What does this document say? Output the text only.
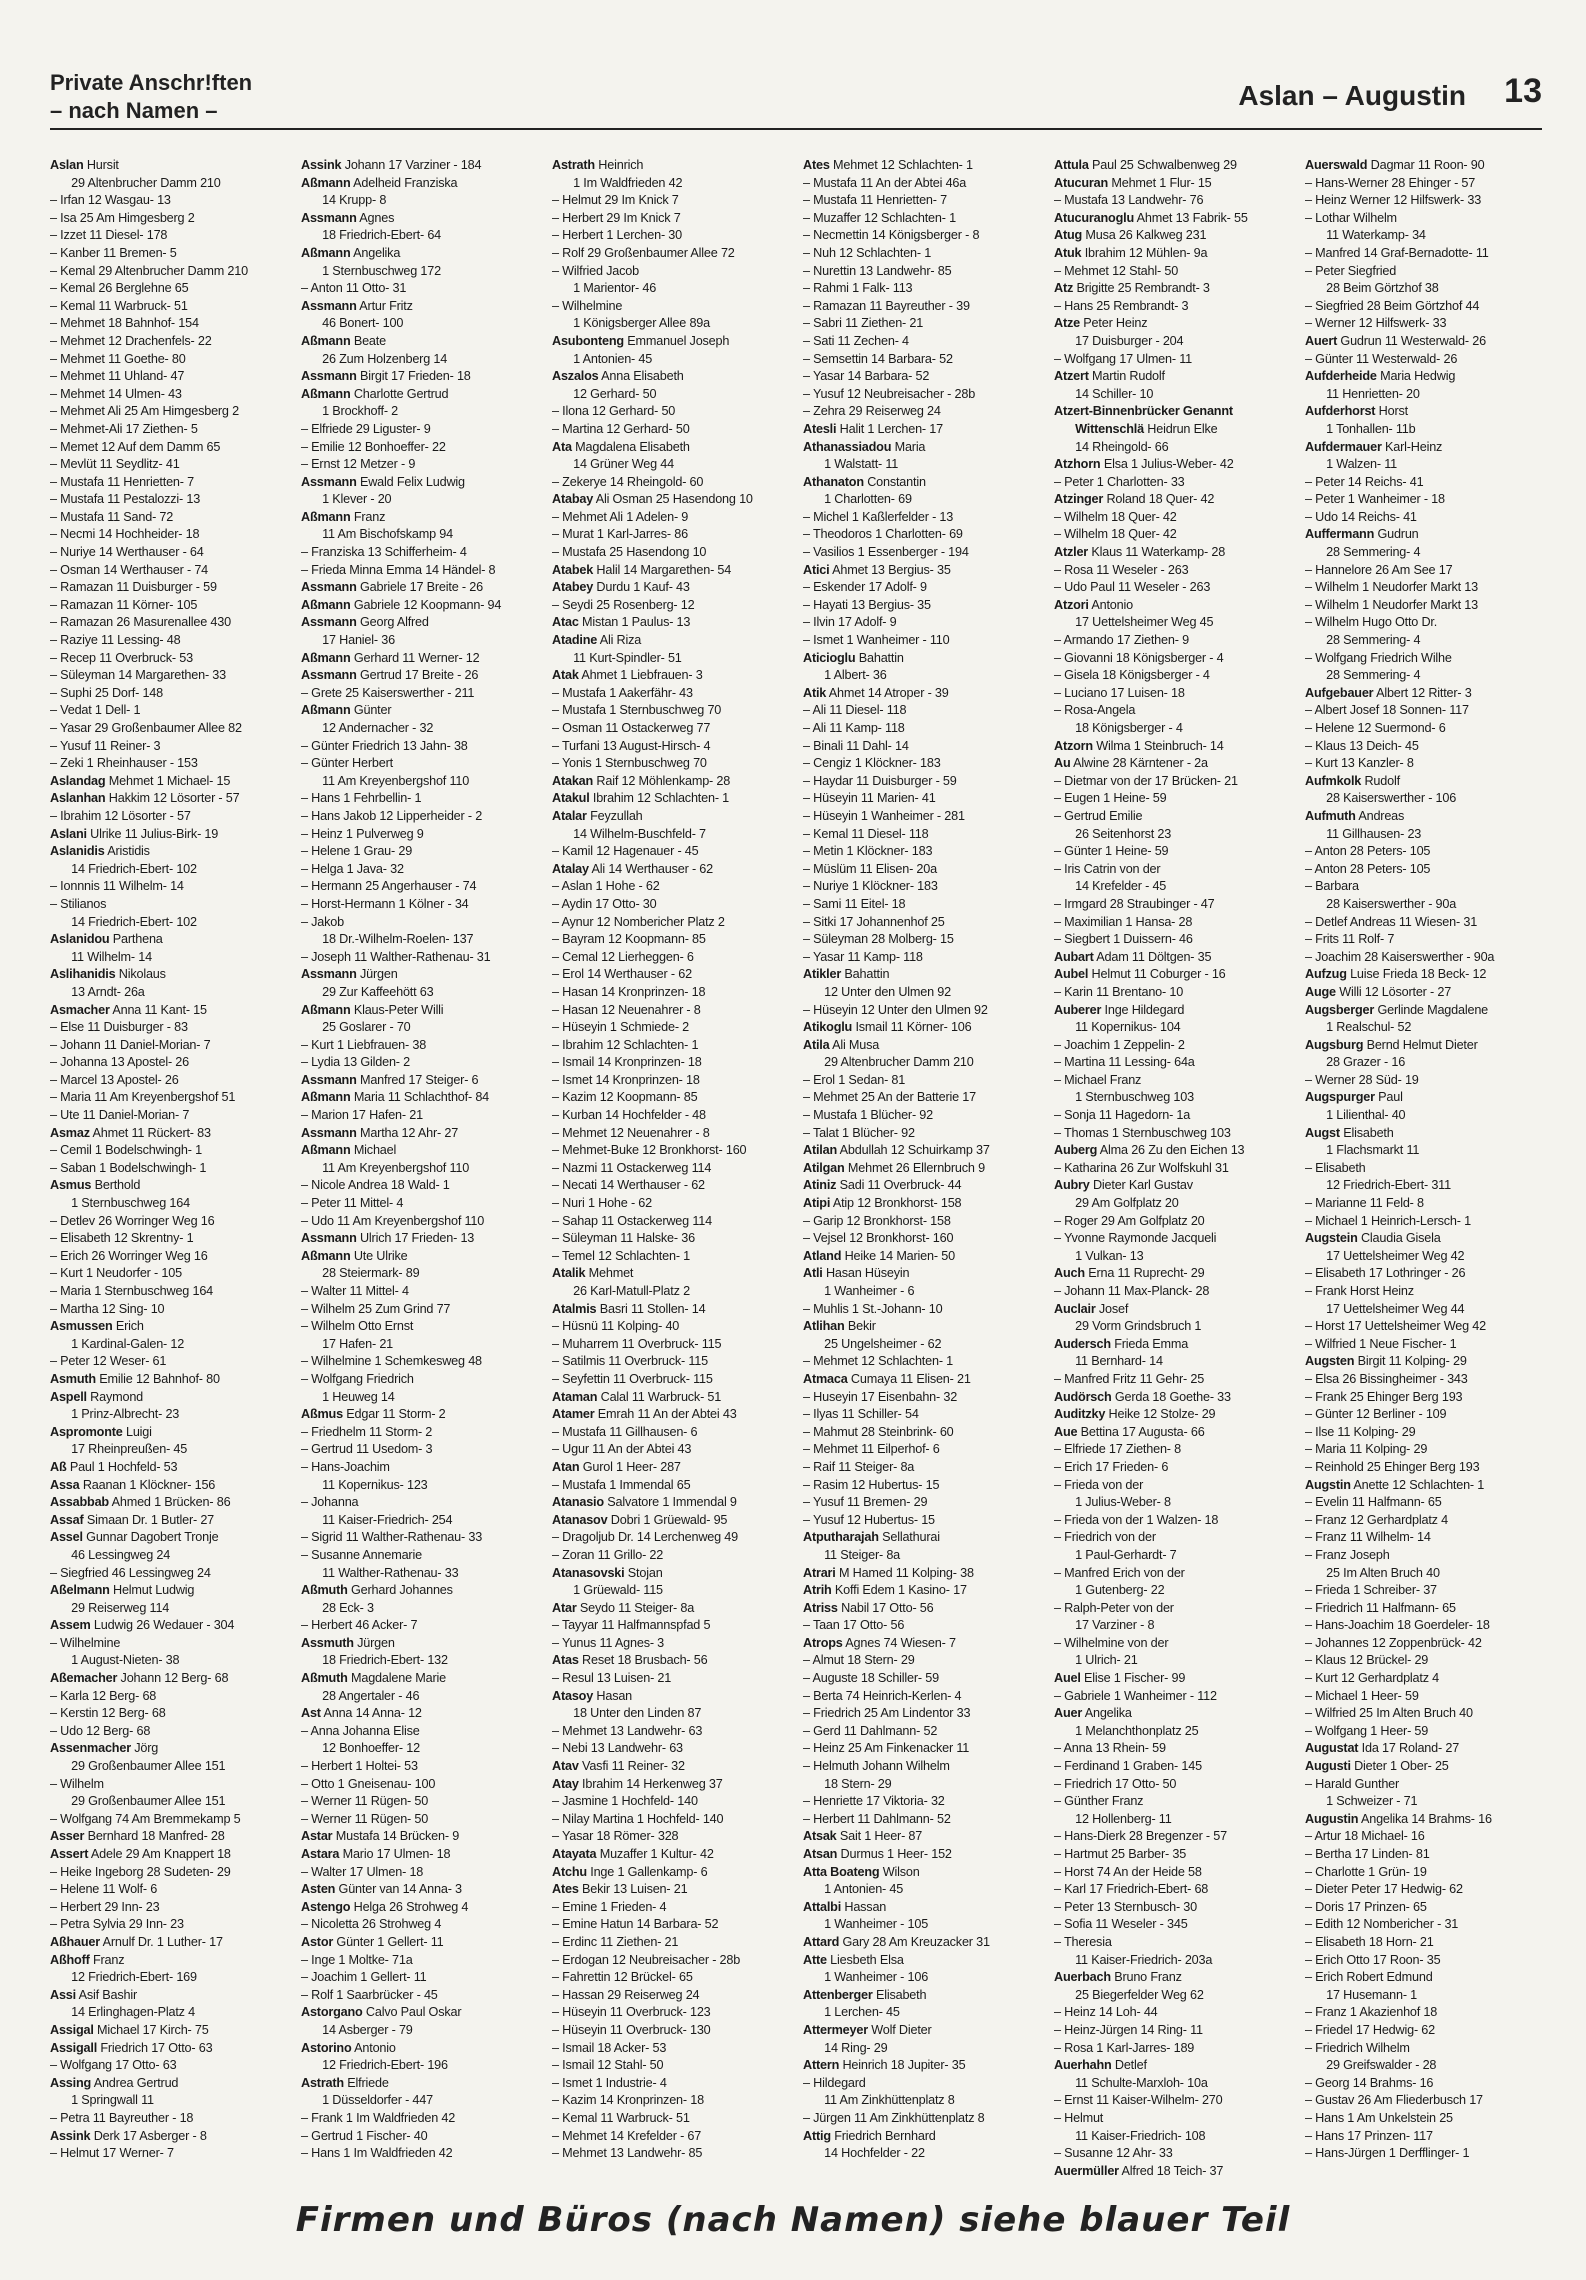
Private Anschr!ften
– nach Namen –	Aslan – Augustin 13
Aslan Hursit
29 Altenbrucher Damm 210
– Irfan 12 Wasgau- 13
– Isa 25 Am Himgesberg 2
– Izzet 11 Diesel- 178
– Kanber 11 Bremen- 5
– Kemal 29 Altenbrucher Damm 210
– Kemal 26 Berglehne 65
– Kemal 11 Warbruck- 51
– Mehmet 18 Bahnhof- 154
– Mehmet 12 Drachenfels- 22
– Mehmet 11 Goethe- 80
– Mehmet 11 Uhland- 47
– Mehmet 14 Ulmen- 43
– Mehmet Ali 25 Am Himgesberg 2
– Mehmet-Ali 17 Ziethen- 5
– Memet 12 Auf dem Damm 65
– Mevlüt 11 Seydlitz- 41
– Mustafa 11 Henrietten- 7
– Mustafa 11 Pestalozzi- 13
– Mustafa 11 Sand- 72
– Necmi 14 Hochheider- 18
– Nuriye 14 Werthauser - 64
– Osman 14 Werthauser - 74
– Ramazan 11 Duisburger - 59
– Ramazan 11 Körner- 105
– Ramazan 26 Masurenallee 430
– Raziye 11 Lessing- 48
– Recep 11 Overbruck- 53
– Süleyman 14 Margarethen- 33
– Suphi 25 Dorf- 148
– Vedat 1 Dell- 1
– Yasar 29 Großenbaumer Allee 82
– Yusuf 11 Reiner- 3
– Zeki 1 Rheinhauser - 153
Aslandag Mehmet 1 Michael- 15
Aslanhan Hakkim 12 Lösorter - 57
– Ibrahim 12 Lösorter - 57
Aslani Ulrike 11 Julius-Birk- 19
Aslanidis Aristidis
14 Friedrich-Ebert- 102
– Ionnnis 11 Wilhelm- 14
– Stilianos
14 Friedrich-Ebert- 102
Aslanidou Parthena
11 Wilhelm- 14
Aslihanidis Nikolaus
13 Arndt- 26a
Asmacher Anna 11 Kant- 15
– Else 11 Duisburger - 83
– Johann 11 Daniel-Morian- 7
– Johanna 13 Apostel- 26
– Marcel 13 Apostel- 26
– Maria 11 Am Kreyenbergshof 51
– Ute 11 Daniel-Morian- 7
Asmaz Ahmet 11 Rückert- 83
– Cemil 1 Bodelschwingh- 1
– Saban 1 Bodelschwingh- 1
Asmus Berthold
1 Sternbuschweg 164
– Detlev 26 Worringer Weg 16
– Elisabeth 12 Skrentny- 1
– Erich 26 Worringer Weg 16
– Kurt 1 Neudorfer - 105
– Maria 1 Sternbuschweg 164
– Martha 12 Sing- 10
Asmussen Erich
1 Kardinal-Galen- 12
– Peter 12 Weser- 61
Asmuth Emilie 12 Bahnhof- 80
Aspell Raymond
1 Prinz-Albrecht- 23
Aspromonte Luigi
17 Rheinpreußen- 45
Aß Paul 1 Hochfeld- 53
Assa Raanan 1 Klöckner- 156
Assabbab Ahmed 1 Brücken- 86
Assaf Simaan Dr. 1 Butler- 27
Assel Gunnar Dagobert Tronje
46 Lessingweg 24
– Siegfried 46 Lessingweg 24
Aßelmann Helmut Ludwig
29 Reiserweg 114
Assem Ludwig 26 Wedauer - 304
– Wilhelmine
1 August-Nieten- 38
Aßemacher Johann 12 Berg- 68
– Karla 12 Berg- 68
– Kerstin 12 Berg- 68
– Udo 12 Berg- 68
Assenmacher Jörg
29 Großenbaumer Allee 151
– Wilhelm
29 Großenbaumer Allee 151
– Wolfgang 74 Am Bremmekamp 5
Asser Bernhard 18 Manfred- 28
Assert Adele 29 Am Knappert 18
– Heike Ingeborg 28 Sudeten- 29
– Helene 11 Wolf- 6
– Herbert 29 Inn- 23
– Petra Sylvia 29 Inn- 23
Aßhauer Arnulf Dr. 1 Luther- 17
Aßhoff Franz
12 Friedrich-Ebert- 169
Assi Asif Bashir
14 Erlinghagen-Platz 4
Assigal Michael 17 Kirch- 75
Assigall Friedrich 17 Otto- 63
– Wolfgang 17 Otto- 63
Assing Andrea Gertrud
1 Springwall 11
– Petra 11 Bayreuther - 18
Assink Derk 17 Asberger - 8
– Helmut 17 Werner- 7
Assink Johann 17 Varziner - 184
Aßmann Adelheid Franziska
14 Krupp- 8
Assmann Agnes
18 Friedrich-Ebert- 64
Aßmann Angelika
1 Sternbuschweg 172
– Anton 11 Otto- 31
Assmann Artur Fritz
46 Bonert- 100
Aßmann Beate
26 Zum Holzenberg 14
Assmann Birgit 17 Frieden- 18
Aßmann Charlotte Gertrud
1 Brockhoff- 2
– Elfriede 29 Liguster- 9
– Emilie 12 Bonhoeffer- 22
– Ernst 12 Metzer - 9
Assmann Ewald Felix Ludwig
1 Klever - 20
Aßmann Franz
11 Am Bischofskamp 94
– Franziska 13 Schifferheim- 4
– Frieda Minna Emma 14 Händel- 8
Assmann Gabriele 17 Breite - 26
Aßmann Gabriele 12 Koopmann- 94
Assmann Georg Alfred
17 Haniel- 36
Aßmann Gerhard 11 Werner- 12
Assmann Gertrud 17 Breite - 26
– Grete 25 Kaiserswerther - 211
Aßmann Günter
12 Andernacher - 32
– Günter Friedrich 13 Jahn- 38
– Günter Herbert
11 Am Kreyenbergshof 110
– Hans 1 Fehrbellin- 1
– Hans Jakob 12 Lipperheider - 2
– Heinz 1 Pulverweg 9
– Helene 1 Grau- 29
– Helga 1 Java- 32
– Hermann 25 Angerhauser - 74
– Horst-Hermann 1 Kölner - 34
– Jakob
18 Dr.-Wilhelm-Roelen- 137
– Joseph 11 Walther-Rathenau- 31
Assmann Jürgen
29 Zur Kaffeehött 63
Aßmann Klaus-Peter Willi
25 Goslarer - 70
– Kurt 1 Liebfrauen- 38
– Lydia 13 Gilden- 2
Assmann Manfred 17 Steiger- 6
Aßmann Maria 11 Schlachthof- 84
– Marion 17 Hafen- 21
Assmann Martha 12 Ahr- 27
Aßmann Michael
11 Am Kreyenbergshof 110
– Nicole Andrea 18 Wald- 1
– Peter 11 Mittel- 4
– Udo 11 Am Kreyenbergshof 110
Assmann Ulrich 17 Frieden- 13
Aßmann Ute Ulrike
28 Steiermark- 89
– Walter 11 Mittel- 4
– Wilhelm 25 Zum Grind 77
– Wilhelm Otto Ernst
17 Hafen- 21
– Wilhelmine 1 Schemkesweg 48
– Wolfgang Friedrich
1 Heuweg 14
Aßmus Edgar 11 Storm- 2
– Friedhelm 11 Storm- 2
– Gertrud 11 Usedom- 3
– Hans-Joachim
11 Kopernikus- 123
– Johanna
11 Kaiser-Friedrich- 254
– Sigrid 11 Walther-Rathenau- 33
– Susanne Annemarie
11 Walther-Rathenau- 33
Aßmuth Gerhard Johannes
28 Eck- 3
– Herbert 46 Acker- 7
Assmuth Jürgen
18 Friedrich-Ebert- 132
Aßmuth Magdalene Marie
28 Angertaler - 46
Ast Anna 14 Anna- 12
– Anna Johanna Elise
12 Bonhoeffer- 12
– Herbert 1 Holtei- 53
– Otto 1 Gneisenau- 100
– Werner 11 Rügen- 50
– Werner 11 Rügen- 50
Astar Mustafa 14 Brücken- 9
Astara Mario 17 Ulmen- 18
– Walter 17 Ulmen- 18
Asten Günter van 14 Anna- 3
Astengo Helga 26 Strohweg 4
– Nicoletta 26 Strohweg 4
Astor Günter 1 Gellert- 11
– Inge 1 Moltke- 71a
– Joachim 1 Gellert- 11
– Rolf 1 Saarbrücker - 45
Astorgano Calvo Paul Oskar
14 Asberger - 79
Astorino Antonio
12 Friedrich-Ebert- 196
Astrath Elfriede
1 Düsseldorfer - 447
– Frank 1 Im Waldfrieden 42
– Gertrud 1 Fischer- 40
– Hans 1 Im Waldfrieden 42
Astrath Heinrich
1 Im Waldfrieden 42
– Helmut 29 Im Knick 7
– Herbert 29 Im Knick 7
– Herbert 1 Lerchen- 30
– Rolf 29 Großenbaumer Allee 72
– Wilfried Jacob
1 Marientor- 46
– Wilhelmine
1 Königsberger Allee 89a
Asubonteng Emmanuel Joseph
1 Antonien- 45
Aszalos Anna Elisabeth
12 Gerhard- 50
– Ilona 12 Gerhard- 50
– Martina 12 Gerhard- 50
Ata Magdalena Elisabeth
14 Grüner Weg 44
– Zekerye 14 Rheingold- 60
Atabay Ali Osman 25 Hasendong 10
– Mehmet Ali 1 Adelen- 9
– Murat 1 Karl-Jarres- 86
– Mustafa 25 Hasendong 10
Atabek Halil 14 Margarethen- 54
Atabey Durdu 1 Kauf- 43
– Seydi 25 Rosenberg- 12
Atac Mistan 1 Paulus- 13
Atadine Ali Riza
11 Kurt-Spindler- 51
Atak Ahmet 1 Liebfrauen- 3
– Mustafa 1 Aakerfähr- 43
– Mustafa 1 Sternbuschweg 70
– Osman 11 Ostackerweg 77
– Turfani 13 August-Hirsch- 4
– Yonis 1 Sternbuschweg 70
Atakan Raif 12 Möhlenkamp- 28
Atakul Ibrahim 12 Schlachten- 1
Atalar Feyzullah
14 Wilhelm-Buschfeld- 7
– Kamil 12 Hagenauer - 45
Atalay Ali 14 Werthauser - 62
– Aslan 1 Hohe - 62
– Aydin 17 Otto- 30
– Aynur 12 Nombericher Platz 2
– Bayram 12 Koopmann- 85
– Cemal 12 Lierheggen- 6
– Erol 14 Werthauser - 62
– Hasan 14 Kronprinzen- 18
– Hasan 12 Neuenahrer - 8
– Hüseyin 1 Schmiede- 2
– Ibrahim 12 Schlachten- 1
– Ismail 14 Kronprinzen- 18
– Ismet 14 Kronprinzen- 18
– Kazim 12 Koopmann- 85
– Kurban 14 Hochfelder - 48
– Mehmet 12 Neuenahrer - 8
– Mehmet-Buke 12 Bronkhorst- 160
– Nazmi 11 Ostackerweg 114
– Necati 14 Werthauser - 62
– Nuri 1 Hohe - 62
– Sahap 11 Ostackerweg 114
– Süleyman 11 Halske- 36
– Temel 12 Schlachten- 1
Atalik Mehmet
26 Karl-Matull-Platz 2
Atalmis Basri 11 Stollen- 14
– Hüsnü 11 Kolping- 40
– Muharrem 11 Overbruck- 115
– Satilmis 11 Overbruck- 115
– Seyfettin 11 Overbruck- 115
Ataman Calal 11 Warbruck- 51
Atamer Emrah 11 An der Abtei 43
– Mustafa 11 Gillhausen- 6
– Ugur 11 An der Abtei 43
Atan Gurol 1 Heer- 287
– Mustafa 1 Immendal 65
Atanasio Salvatore 1 Immendal 9
Atanasov Dobri 1 Grüewald- 95
– Dragoljub Dr. 14 Lerchenweg 49
– Zoran 11 Grillo- 22
Atanasovski Stojan
1 Grüewald- 115
Atar Seydo 11 Steiger- 8a
– Tayyar 11 Halfmannspfad 5
– Yunus 11 Agnes- 3
Atas Reset 18 Brusbach- 56
– Resul 13 Luisen- 21
Atasoy Hasan
18 Unter den Linden 87
– Mehmet 13 Landwehr- 63
– Nebi 13 Landwehr- 63
Atav Vasfi 11 Reiner- 32
Atay Ibrahim 14 Herkenweg 37
– Jasmine 1 Hochfeld- 140
– Nilay Martina 1 Hochfeld- 140
– Yasar 18 Römer- 328
Atayata Muzaffer 1 Kultur- 42
Atchu Inge 1 Gallenkamp- 6
Ates Bekir 13 Luisen- 21
– Emine 1 Frieden- 4
– Emine Hatun 14 Barbara- 52
– Erdinc 11 Ziethen- 21
– Erdogan 12 Neubreisacher - 28b
– Fahrettin 12 Brückel- 65
– Hassan 29 Reiserweg 24
– Hüseyin 11 Overbruck- 123
– Hüseyin 11 Overbruck- 130
– Ismail 18 Acker- 53
– Ismail 12 Stahl- 50
– Ismet 1 Industrie- 4
– Kazim 14 Kronprinzen- 18
– Kemal 11 Warbruck- 51
– Mehmet 14 Krefelder - 67
– Mehmet 13 Landwehr- 85
Ates Mehmet 12 Schlachten- 1
– Mustafa 11 An der Abtei 46a
– Mustafa 11 Henrietten- 7
– Muzaffer 12 Schlachten- 1
– Necmettin 14 Königsberger - 8
– Nuh 12 Schlachten- 1
– Nurettin 13 Landwehr- 85
– Rahmi 1 Falk- 113
– Ramazan 11 Bayreuther - 39
– Sabri 11 Ziethen- 21
– Sati 11 Zechen- 4
– Semsettin 14 Barbara- 52
– Yasar 14 Barbara- 52
– Yusuf 12 Neubreisacher - 28b
– Zehra 29 Reiserweg 24
Atesli Halit 1 Lerchen- 17
Athanassiadou Maria
1 Walstatt- 11
Athanaton Constantin
1 Charlotten- 69
– Michel 1 Kaßlerfelder - 13
– Theodoros 1 Charlotten- 69
– Vasilios 1 Essenberger - 194
Atici Ahmet 13 Bergius- 35
– Eskender 17 Adolf- 9
– Hayati 13 Bergius- 35
– Ilvin 17 Adolf- 9
– Ismet 1 Wanheimer - 110
Aticioglu Bahattin
1 Albert- 36
Atik Ahmet 14 Atroper - 39
– Ali 11 Diesel- 118
– Ali 11 Kamp- 118
– Binali 11 Dahl- 14
– Cengiz 1 Klöckner- 183
– Haydar 11 Duisburger - 59
– Hüseyin 11 Marien- 41
– Hüseyin 1 Wanheimer - 281
– Kemal 11 Diesel- 118
– Metin 1 Klöckner- 183
– Müslüm 11 Elisen- 20a
– Nuriye 1 Klöckner- 183
– Sami 11 Eitel- 18
– Sitki 17 Johannenhof 25
– Süleyman 28 Molberg- 15
– Yasar 11 Kamp- 118
Atikler Bahattin
12 Unter den Ulmen 92
– Hüseyin 12 Unter den Ulmen 92
Atikoglu Ismail 11 Körner- 106
Atila Ali Musa
29 Altenbrucher Damm 210
– Erol 1 Sedan- 81
– Mehmet 25 An der Batterie 17
– Mustafa 1 Blücher- 92
– Talat 1 Blücher- 92
Atilan Abdullah 12 Schuirkamp 37
Atilgan Mehmet 26 Ellernbruch 9
Atiniz Sadi 11 Overbruck- 44
Atipi Atip 12 Bronkhorst- 158
– Garip 12 Bronkhorst- 158
– Vejsel 12 Bronkhorst- 160
Atland Heike 14 Marien- 50
Atli Hasan Hüseyin
1 Wanheimer - 6
– Muhlis 1 St.-Johann- 10
Atlihan Bekir
25 Ungelsheimer - 62
– Mehmet 12 Schlachten- 1
Atmaca Cumaya 11 Elisen- 21
– Huseyin 17 Eisenbahn- 32
– Ilyas 11 Schiller- 54
– Mahmut 28 Steinbrink- 60
– Mehmet 11 Eilperhof- 6
– Raif 11 Steiger- 8a
– Rasim 12 Hubertus- 15
– Yusuf 11 Bremen- 29
– Yusuf 12 Hubertus- 15
Atputharajah Sellathurai
11 Steiger- 8a
Atrari M Hamed 11 Kolping- 38
Atrih Koffi Edem 1 Kasino- 17
Atriss Nabil 17 Otto- 56
– Taan 17 Otto- 56
Atrops Agnes 74 Wiesen- 7
– Almut 18 Stern- 29
– Auguste 18 Schiller- 59
– Berta 74 Heinrich-Kerlen- 4
– Friedrich 25 Am Lindentor 33
– Gerd 11 Dahlmann- 52
– Heinz 25 Am Finkenacker 11
– Helmuth Johann Wilhelm
18 Stern- 29
– Henriette 17 Viktoria- 32
– Herbert 11 Dahlmann- 52
Atsak Sait 1 Heer- 87
Atsan Durmus 1 Heer- 152
Atta Boateng Wilson
1 Antonien- 45
Attalbi Hassan
1 Wanheimer - 105
Attard Gary 28 Am Kreuzacker 31
Atte Liesbeth Elsa
1 Wanheimer - 106
Attenberger Elisabeth
1 Lerchen- 45
Attermeyer Wolf Dieter
14 Ring- 29
Attern Heinrich 18 Jupiter- 35
– Hildegard
11 Am Zinkhüttenplatz 8
– Jürgen 11 Am Zinkhüttenplatz 8
Attig Friedrich Bernhard
14 Hochfelder - 22
Attula Paul 25 Schwalbenweg 29
Atucuran Mehmet 1 Flur- 15
– Mustafa 13 Landwehr- 76
Atucuranoglu Ahmet 13 Fabrik- 55
Atug Musa 26 Kalkweg 231
Atuk Ibrahim 12 Mühlen- 9a
– Mehmet 12 Stahl- 50
Atz Brigitte 25 Rembrandt- 3
– Hans 25 Rembrandt- 3
Atze Peter Heinz
17 Duisburger - 204
– Wolfgang 17 Ulmen- 11
Atzert Martin Rudolf
14 Schiller- 10
Atzert-Binnenbrücker Genannt
Wittenschlä Heidrun Elke
14 Rheingold- 66
Atzhorn Elsa 1 Julius-Weber- 42
– Peter 1 Charlotten- 33
Atzinger Roland 18 Quer- 42
– Wilhelm 18 Quer- 42
– Wilhelm 18 Quer- 42
Atzler Klaus 11 Waterkamp- 28
– Rosa 11 Weseler - 263
– Udo Paul 11 Weseler - 263
Atzori Antonio
17 Uettelsheimer Weg 45
– Armando 17 Ziethen- 9
– Giovanni 18 Königsberger - 4
– Gisela 18 Königsberger - 4
– Luciano 17 Luisen- 18
– Rosa-Angela
18 Königsberger - 4
Atzorn Wilma 1 Steinbruch- 14
Au Alwine 28 Kärntener - 2a
– Dietmar von der 17 Brücken- 21
– Eugen 1 Heine- 59
– Gertrud Emilie
26 Seitenhorst 23
– Günter 1 Heine- 59
– Iris Catrin von der
14 Krefelder - 45
– Irmgard 28 Straubinger - 47
– Maximilian 1 Hansa- 28
– Siegbert 1 Duissern- 46
Aubart Adam 11 Döltgen- 35
Aubel Helmut 11 Coburger - 16
– Karin 11 Brentano- 10
Auberer Inge Hildegard
11 Kopernikus- 104
– Joachim 1 Zeppelin- 2
– Martina 11 Lessing- 64a
– Michael Franz
1 Sternbuschweg 103
– Sonja 11 Hagedorn- 1a
– Thomas 1 Sternbuschweg 103
Auberg Alma 26 Zu den Eichen 13
– Katharina 26 Zur Wolfskuhl 31
Aubry Dieter Karl Gustav
29 Am Golfplatz 20
– Roger 29 Am Golfplatz 20
– Yvonne Raymonde Jacqueli
1 Vulkan- 13
Auch Erna 11 Ruprecht- 29
– Johann 11 Max-Planck- 28
Auclair Josef
29 Vorm Grindsbruch 1
Audersch Frieda Emma
11 Bernhard- 14
– Manfred Fritz 11 Gehr- 25
Audörsch Gerda 18 Goethe- 33
Auditzky Heike 12 Stolze- 29
Aue Bettina 17 Augusta- 66
– Elfriede 17 Ziethen- 8
– Erich 17 Frieden- 6
– Frieda von der
1 Julius-Weber- 8
– Frieda von der 1 Walzen- 18
– Friedrich von der
1 Paul-Gerhardt- 7
– Manfred Erich von der
1 Gutenberg- 22
– Ralph-Peter von der
17 Varziner - 8
– Wilhelmine von der
1 Ulrich- 21
Auel Elise 1 Fischer- 99
– Gabriele 1 Wanheimer - 112
Auer Angelika
1 Melanchthonplatz 25
– Anna 13 Rhein- 59
– Ferdinand 1 Graben- 145
– Friedrich 17 Otto- 50
– Günther Franz
12 Hollenberg- 11
– Hans-Dierk 28 Bregenzer - 57
– Hartmut 25 Barber- 35
– Horst 74 An der Heide 58
– Karl 17 Friedrich-Ebert- 68
– Peter 13 Sternbusch- 30
– Sofia 11 Weseler - 345
– Theresia
11 Kaiser-Friedrich- 203a
Auerbach Bruno Franz
25 Biegerfelder Weg 62
– Heinz 14 Loh- 44
– Heinz-Jürgen 14 Ring- 11
– Rosa 1 Karl-Jarres- 189
Auerhahn Detlef
11 Schulte-Marxloh- 10a
– Ernst 11 Kaiser-Wilhelm- 270
– Helmut
11 Kaiser-Friedrich- 108
– Susanne 12 Ahr- 33
Auermüller Alfred 18 Teich- 37
Auerswald Dagmar 11 Roon- 90
– Hans-Werner 28 Ehinger - 57
– Heinz Werner 12 Hilfswerk- 33
– Lothar Wilhelm
11 Waterkamp- 34
– Manfred 14 Graf-Bernadotte- 11
– Peter Siegfried
28 Beim Görtzhof 38
– Siegfried 28 Beim Görtzhof 44
– Werner 12 Hilfswerk- 33
Auert Gudrun 11 Westerwald- 26
– Günter 11 Westerwald- 26
Aufderheide Maria Hedwig
11 Henrietten- 20
Aufderhorst Horst
1 Tonhallen- 11b
Aufdermauer Karl-Heinz
1 Walzen- 11
– Peter 14 Reichs- 41
– Peter 1 Wanheimer - 18
– Udo 14 Reichs- 41
Auffermann Gudrun
28 Semmering- 4
– Hannelore 26 Am See 17
– Wilhelm 1 Neudorfer Markt 13
– Wilhelm 1 Neudorfer Markt 13
– Wilhelm Hugo Otto Dr.
28 Semmering- 4
– Wolfgang Friedrich Wilhe
28 Semmering- 4
Aufgebauer Albert 12 Ritter- 3
– Albert Josef 18 Sonnen- 117
– Helene 12 Suermond- 6
– Klaus 13 Deich- 45
– Kurt 13 Kanzler- 8
Aufmkolk Rudolf
28 Kaiserswerther - 106
Aufmuth Andreas
11 Gillhausen- 23
– Anton 28 Peters- 105
– Anton 28 Peters- 105
– Barbara
28 Kaiserswerther - 90a
– Detlef Andreas 11 Wiesen- 31
– Frits 11 Rolf- 7
– Joachim 28 Kaiserswerther - 90a
Aufzug Luise Frieda 18 Beck- 12
Auge Willi 12 Lösorter - 27
Augsberger Gerlinde Magdalene
1 Realschul- 52
Augsburg Bernd Helmut Dieter
28 Grazer - 16
– Werner 28 Süd- 19
Augspurger Paul
1 Lilienthal- 40
Augst Elisabeth
1 Flachsmarkt 11
– Elisabeth
12 Friedrich-Ebert- 311
– Marianne 11 Feld- 8
– Michael 1 Heinrich-Lersch- 1
Augstein Claudia Gisela
17 Uettelsheimer Weg 42
– Elisabeth 17 Lothringer - 26
– Frank Horst Heinz
17 Uettelsheimer Weg 44
– Horst 17 Uettelsheimer Weg 42
– Wilfried 1 Neue Fischer- 1
Augsten Birgit 11 Kolping- 29
– Elsa 26 Bissingheimer - 343
– Frank 25 Ehinger Berg 193
– Günter 12 Berliner - 109
– Ilse 11 Kolping- 29
– Maria 11 Kolping- 29
– Reinhold 25 Ehinger Berg 193
Augstin Anette 12 Schlachten- 1
– Evelin 11 Halfmann- 65
– Franz 12 Gerhardplatz 4
– Franz 11 Wilhelm- 14
– Franz Joseph
25 Im Alten Bruch 40
– Frieda 1 Schreiber- 37
– Friedrich 11 Halfmann- 65
– Hans-Joachim 18 Goerdeler- 18
– Johannes 12 Zoppenbrück- 42
– Klaus 12 Brückel- 29
– Kurt 12 Gerhardplatz 4
– Michael 1 Heer- 59
– Wilfried 25 Im Alten Bruch 40
– Wolfgang 1 Heer- 59
Augustat Ida 17 Roland- 27
Augusti Dieter 1 Ober- 25
– Harald Gunther
1 Schweizer - 71
Augustin Angelika 14 Brahms- 16
– Artur 18 Michael- 16
– Bertha 17 Linden- 81
– Charlotte 1 Grün- 19
– Dieter Peter 17 Hedwig- 62
– Doris 17 Prinzen- 65
– Edith 12 Nombericher - 31
– Elisabeth 18 Horn- 21
– Erich Otto 17 Roon- 35
– Erich Robert Edmund
17 Husemann- 1
– Franz 1 Akazienhof 18
– Friedel 17 Hedwig- 62
– Friedrich Wilhelm
29 Greifswalder - 28
– Georg 14 Brahms- 16
– Gustav 26 Am Fliederbusch 17
– Hans 1 Am Unkelstein 25
– Hans 17 Prinzen- 117
– Hans-Jürgen 1 Derfflinger- 1
Firmen und Büros (nach Namen) siehe blauer Teil
